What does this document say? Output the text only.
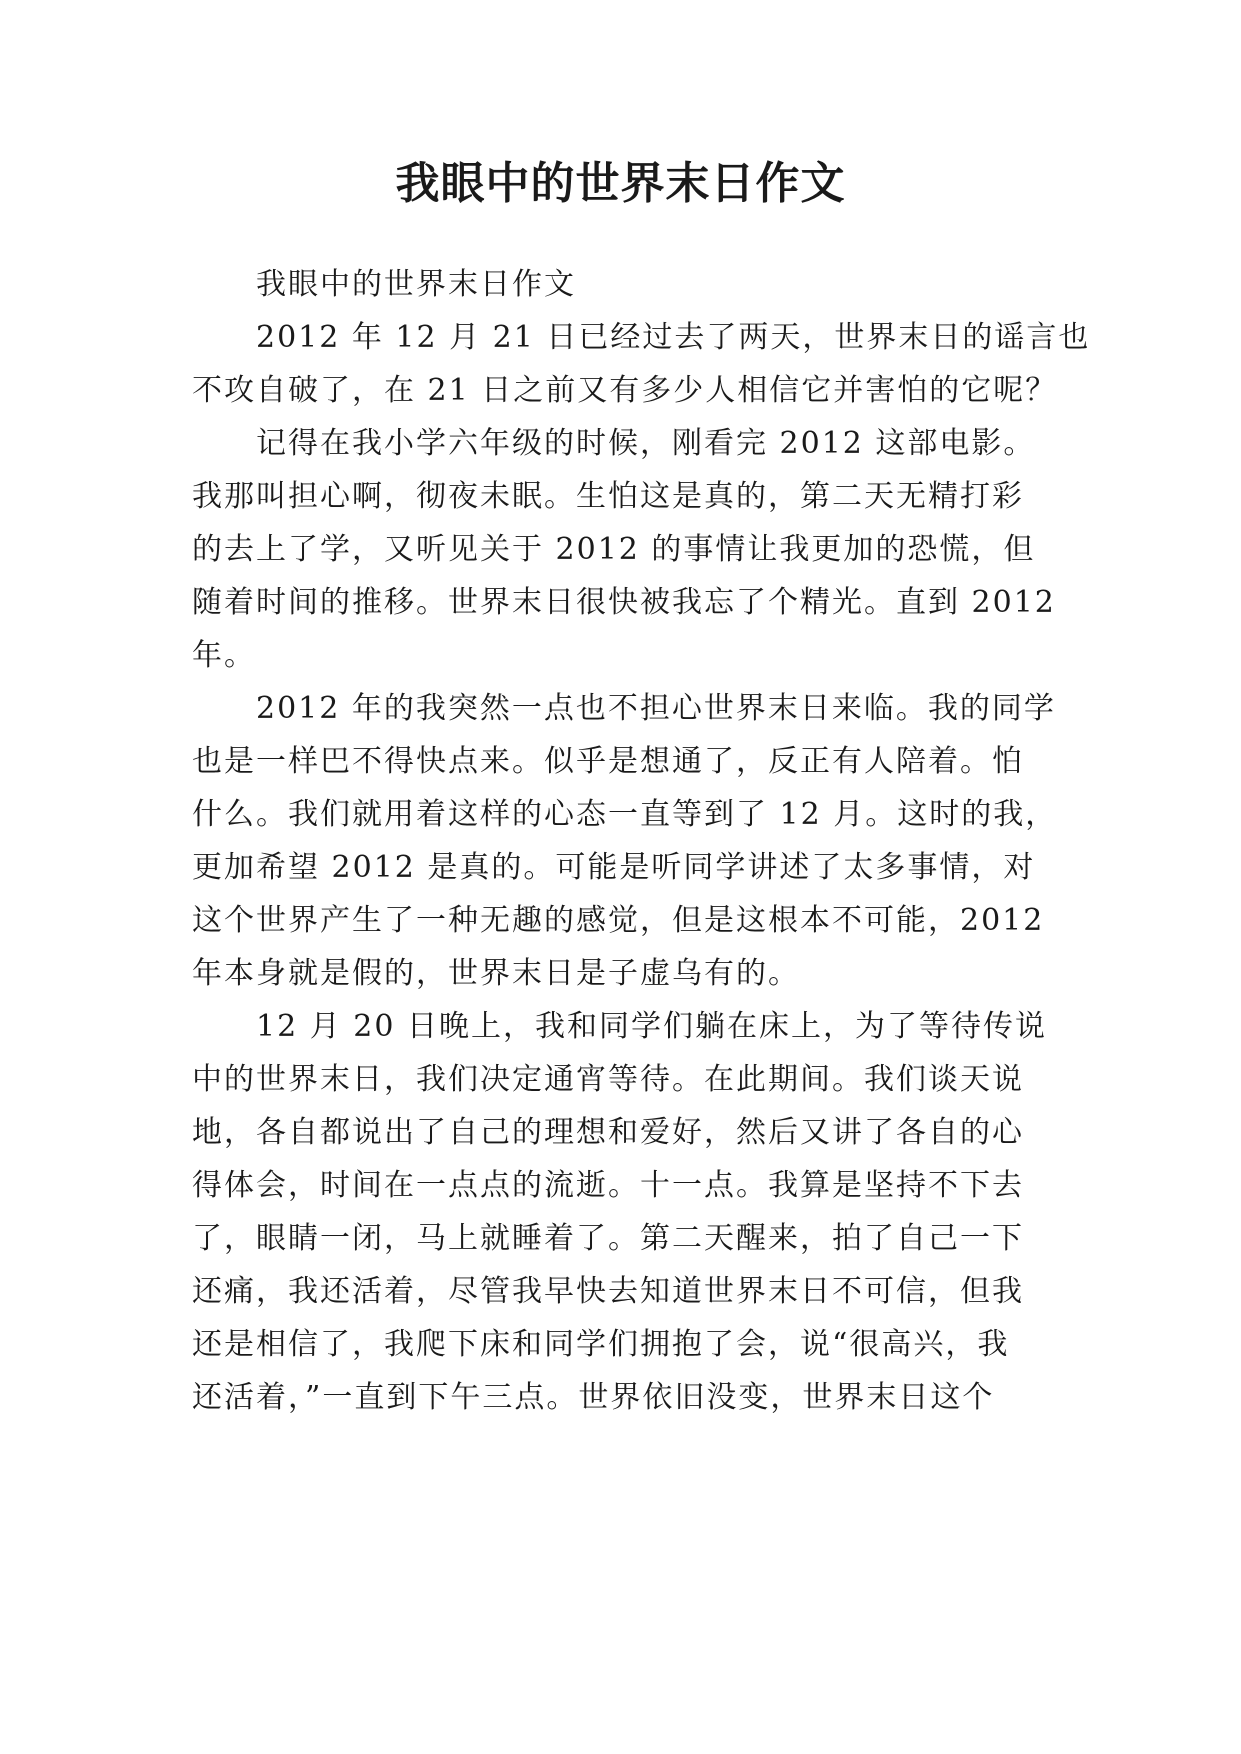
我眼中的世界末日作文
我眼中的世界末日作文
2012 年 12 月 21 日已经过去了两天，世界末日的谣言也
不攻自破了，在 21 日之前又有多少人相信它并害怕的它呢？
记得在我小学六年级的时候，刚看完 2012 这部电影。
我那叫担心啊，彻夜未眠。生怕这是真的，第二天无精打彩
的去上了学，又听见关于 2012 的事情让我更加的恐慌，但
随着时间的推移。世界末日很快被我忘了个精光。直到 2012
年。
2012 年的我突然一点也不担心世界末日来临。我的同学
也是一样巴不得快点来。似乎是想通了，反正有人陪着。怕
什么。我们就用着这样的心态一直等到了 12 月。这时的我，
更加希望 2012 是真的。可能是听同学讲述了太多事情，对
这个世界产生了一种无趣的感觉，但是这根本不可能，2012
年本身就是假的，世界末日是子虚乌有的。
12 月 20 日晚上，我和同学们躺在床上，为了等待传说
中的世界末日，我们决定通宵等待。在此期间。我们谈天说
地，各自都说出了自己的理想和爱好，然后又讲了各自的心
得体会，时间在一点点的流逝。十一点。我算是坚持不下去
了，眼睛一闭，马上就睡着了。第二天醒来，拍了自己一下
还痛，我还活着，尽管我早快去知道世界末日不可信，但我
还是相信了，我爬下床和同学们拥抱了会，说“很高兴，我
还活着，”一直到下午三点。世界依旧没变，世界末日这个
